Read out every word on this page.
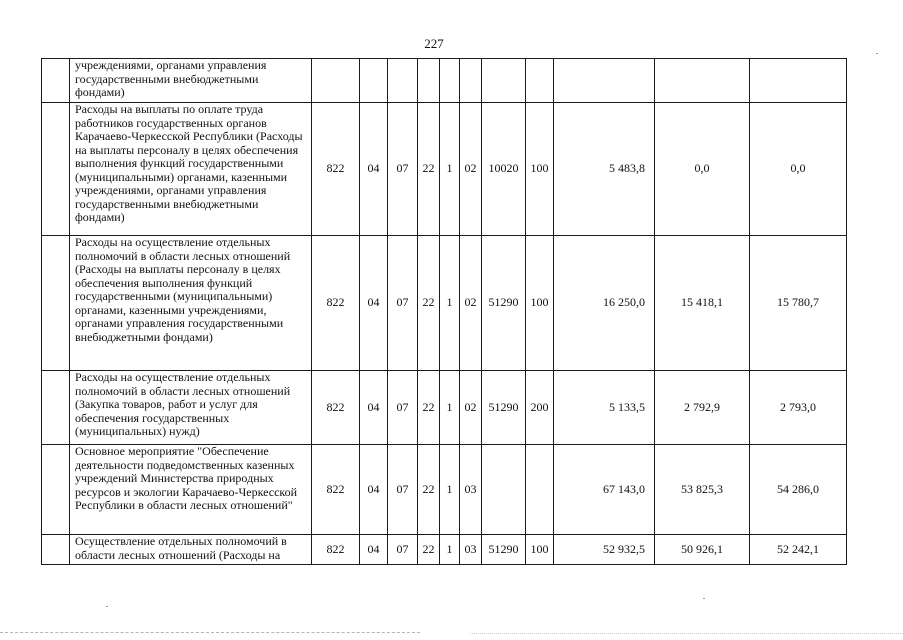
227
	учреждениями, органами управления государственными внебюджетными фондами)											
	Расходы на выплаты по оплате труда работников государственных органов Карачаево-Черкесской Республики (Расходы на выплаты персоналу в целях обеспечения выполнения функций государственными (муниципальными) органами, казенными учреждениями, органами управления государственными внебюджетными фондами)	822	04	07	22	1	02	10020	100	5 483,8	0,0	0,0
	Расходы на осуществление отдельных полномочий в области лесных отношений (Расходы на выплаты персоналу в целях обеспечения выполнения функций государственными (муниципальными) органами, казенными учреждениями, органами управления государственными внебюджетными фондами)	822	04	07	22	1	02	51290	100	16 250,0	15 418,1	15 780,7
	Расходы на осуществление отдельных полномочий в области лесных отношений (Закупка товаров, работ и услуг для обеспечения государственных (муниципальных) нужд)	822	04	07	22	1	02	51290	200	5 133,5	2 792,9	2 793,0
	Основное мероприятие "Обеспечение деятельности подведомственных казенных учреждений Министерства природных ресурсов и экологии Карачаево-Черкесской Республики в области лесных отношений"	822	04	07	22	1	03			67 143,0	53 825,3	54 286,0
	Осуществление отдельных полномочий в области лесных отношений (Расходы на	822	04	07	22	1	03	51290	100	52 932,5	50 926,1	52 242,1
